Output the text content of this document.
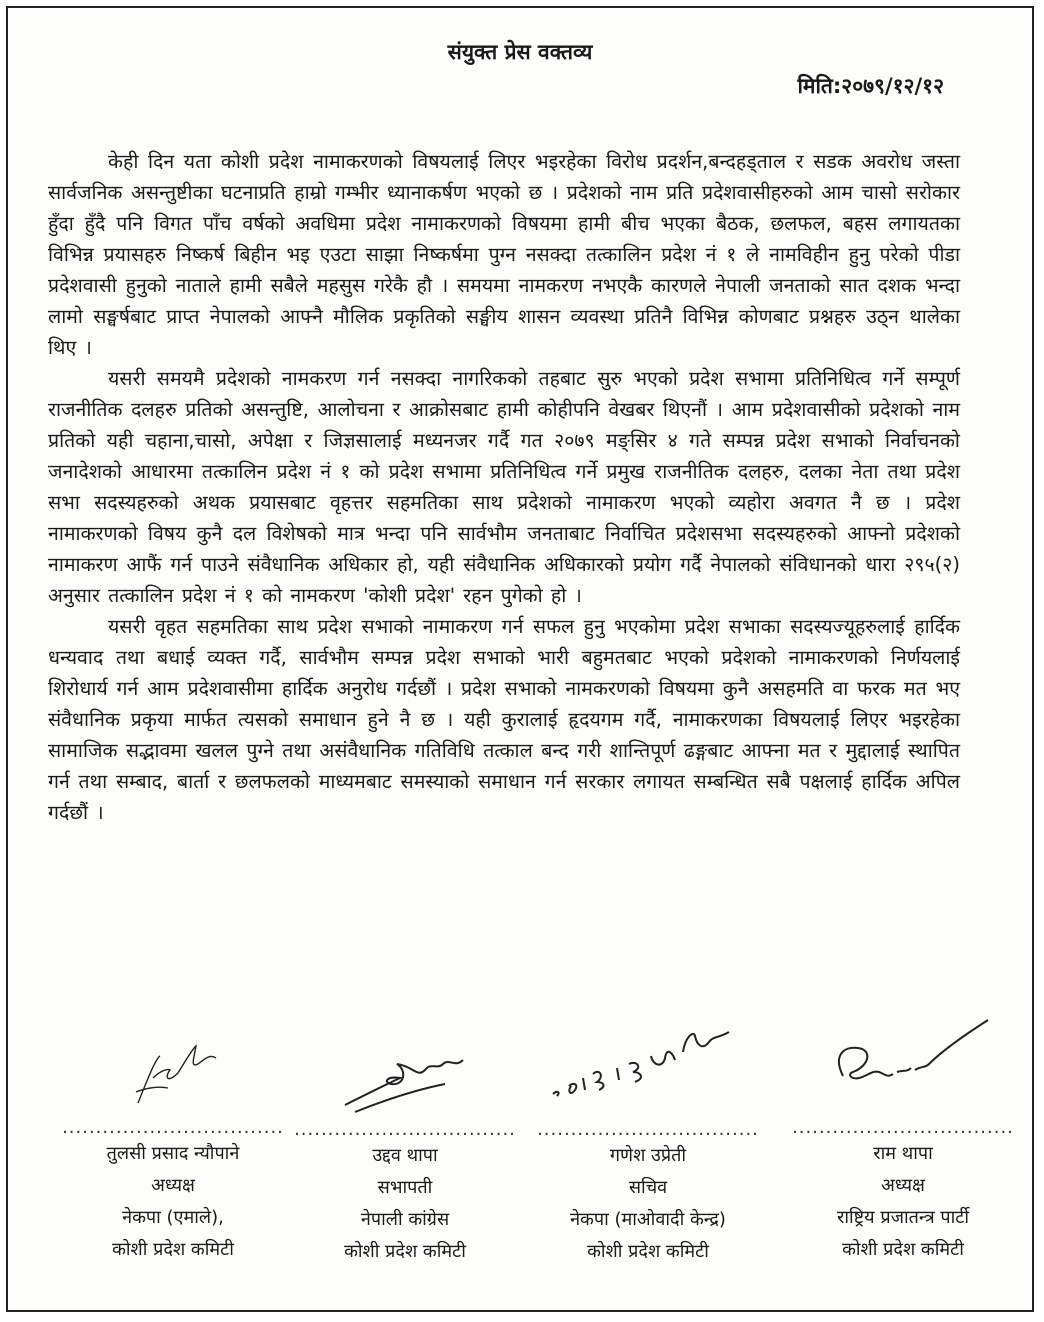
संयुक्त प्रेस वक्तव्य
मिति:२०७९/१२/१२

केही दिन यता कोशी प्रदेश नामाकरणको विषयलाई लिएर भइरहेका विरोध प्रदर्शन,बन्दहड्ताल र सडक अवरोध जस्ता सार्वजनिक असन्तुष्टीका घटनाप्रति हाम्रो गम्भीर ध्यानाकर्षण भएको छ । प्रदेशको नाम प्रति प्रदेशवासीहरुको आम चासो सरोकार हुँदा हुँदै पनि विगत पाँच वर्षको अवधिमा प्रदेश नामाकरणको विषयमा हामी बीच भएका बैठक, छलफल, बहस लगायतका विभिन्न प्रयासहरु निष्कर्ष बिहीन भइ एउटा साझा निष्कर्षमा पुग्न नसक्दा तत्कालिन प्रदेश नं १ ले नामविहीन हुनु परेको पीडा प्रदेशवासी हुनुको नाताले हामी सबैले महसुस गरेकै हौ । समयमा नामकरण नभएकै कारणले नेपाली जनताको सात दशक भन्दा लामो सङ्घर्षबाट प्राप्त नेपालको आफ्नै मौलिक प्रकृतिको सङ्घीय शासन व्यवस्था प्रतिनै विभिन्न कोणबाट प्रश्नहरु उठ्न थालेका थिए ।

यसरी समयमै प्रदेशको नामकरण गर्न नसक्दा नागरिकको तहबाट सुरु भएको प्रदेश सभामा प्रतिनिधित्व गर्ने सम्पूर्ण राजनीतिक दलहरु प्रतिको असन्तुष्टि, आलोचना र आक्रोसबाट हामी कोहीपनि वेखबर थिएनौं । आम प्रदेशवासीको प्रदेशको नाम प्रतिको यही चहाना,चासो, अपेक्षा र जिज्ञसालाई मध्यनजर गर्दै गत २०७९ मङ्सिर ४ गते सम्पन्न प्रदेश सभाको निर्वाचनको जनादेशको आधारमा तत्कालिन प्रदेश नं १ को प्रदेश सभामा प्रतिनिधित्व गर्ने प्रमुख राजनीतिक दलहरु, दलका नेता तथा प्रदेश सभा सदस्यहरुको अथक प्रयासबाट वृहत्तर सहमतिका साथ प्रदेशको नामाकरण भएको व्यहोरा अवगत नै छ । प्रदेश नामाकरणको विषय कुनै दल विशेषको मात्र भन्दा पनि सार्वभौम जनताबाट निर्वाचित प्रदेशसभा सदस्यहरुको आफ्नो प्रदेशको नामाकरण आफैं गर्न पाउने संवैधानिक अधिकार हो, यही संवैधानिक अधिकारको प्रयोग गर्दै नेपालको संविधानको धारा २९५(२) अनुसार तत्कालिन प्रदेश नं १ को नामकरण 'कोशी प्रदेश' रहन पुगेको हो ।

यसरी वृहत सहमतिका साथ प्रदेश सभाको नामाकरण गर्न सफल हुनु भएकोमा प्रदेश सभाका सदस्यज्यूहरुलाई हार्दिक धन्यवाद तथा बधाई व्यक्त गर्दै, सार्वभौम सम्पन्न प्रदेश सभाको भारी बहुमतबाट भएको प्रदेशको नामाकरणको निर्णयलाई शिरोधार्य गर्न आम प्रदेशवासीमा हार्दिक अनुरोध गर्दछौं । प्रदेश सभाको नामकरणको विषयमा कुनै असहमति वा फरक मत भए संवैधानिक प्रकृया मार्फत त्यसको समाधान हुने नै छ । यही कुरालाई हृदयगम गर्दै, नामाकरणका विषयलाई लिएर भइरहेका सामाजिक सद्भावमा खलल पुग्ने तथा असंवैधानिक गतिविधि तत्काल बन्द गरी शान्तिपूर्ण ढङ्गबाट आफ्ना मत र मुद्दालाई स्थापित गर्न तथा सम्बाद, बार्ता र छलफलको माध्यमबाट समस्याको समाधान गर्न सरकार लगायत सम्बन्धित सबै पक्षलाई हार्दिक अपिल गर्दछौं ।

.................................
तुलसी प्रसाद न्यौपाने
अध्यक्ष
नेकपा (एमाले),
कोशी प्रदेश कमिटी
.................................
उद्दव थापा
सभापती
नेपाली कांग्रेस
कोशी प्रदेश कमिटी
.................................
गणेश उप्रेती
सचिव
नेकपा (माओवादी केन्द्र)
कोशी प्रदेश कमिटी
.................................
राम थापा
अध्यक्ष
राष्ट्रिय प्रजातन्त्र पार्टी
कोशी प्रदेश कमिटी
